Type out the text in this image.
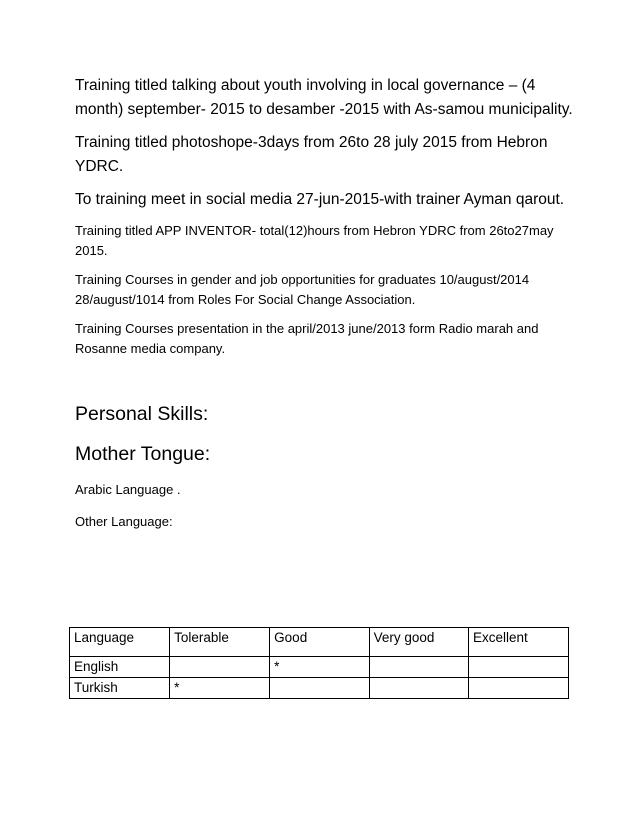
Training titled talking about youth involving in local governance – (4 month) september- 2015 to desamber -2015 with As-samou municipality.

Training titled photoshope-3days from 26to 28 july 2015 from Hebron YDRC.

To training meet in social media 27-jun-2015-with trainer Ayman qarout.

Training titled APP INVENTOR- total(12)hours from Hebron YDRC from 26to27may 2015.

Training Courses in gender and job opportunities for graduates 10/august/2014 28/august/1014 from Roles For Social Change Association.

Training Courses presentation in the april/2013 june/2013 form Radio marah and Rosanne media company.

Personal Skills:
Mother Tongue:

Arabic Language .

Other Language:

Language	Tolerable	Good	Very good	Excellent
English		*		
Turkish	*			
